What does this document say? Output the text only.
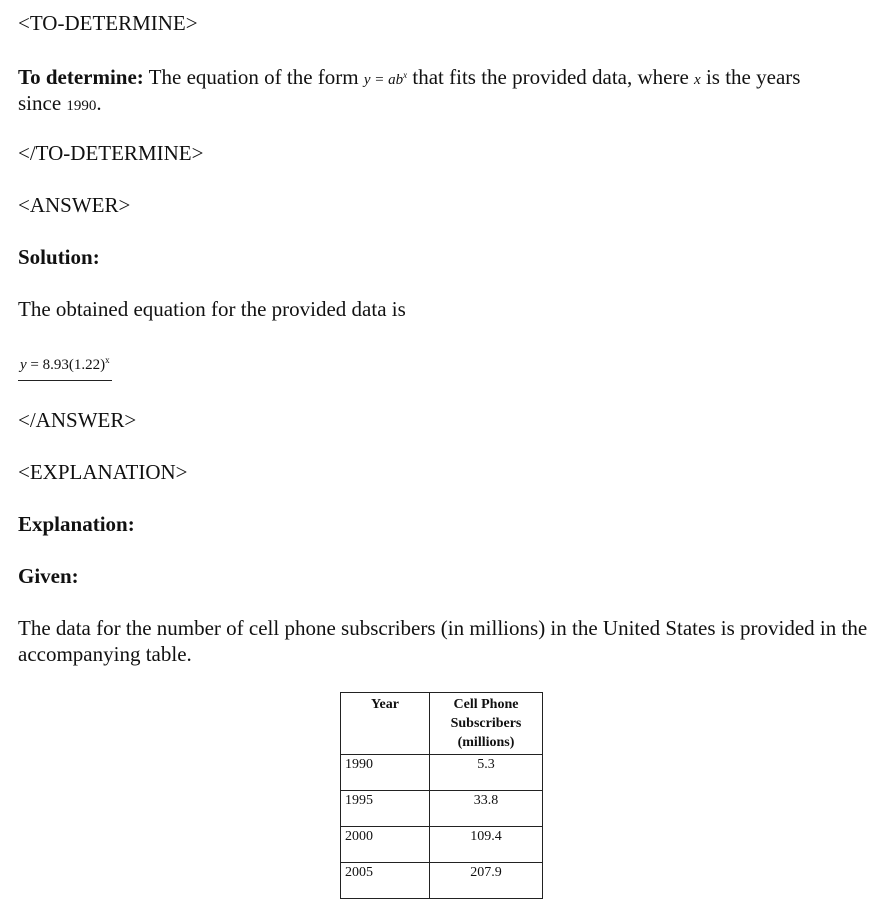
<TO-DETERMINE>
To determine: The equation of the form $y = ab^x$ that fits the provided data, where x is the years
since 1990.
</TO-DETERMINE>
<ANSWER>
Solution:
The obtained equation for the provided data is
$y = 8.93(1.22)^x$
</ANSWER>
<EXPLANATION>
Explanation:
Given:
The data for the number of cell phone subscribers (in millions) in the United States is provided in the accompanying table.
Year	Cell Phone Subscribers (millions)
1990	5.3
1995	33.8
2000	109.4
2005	207.9
